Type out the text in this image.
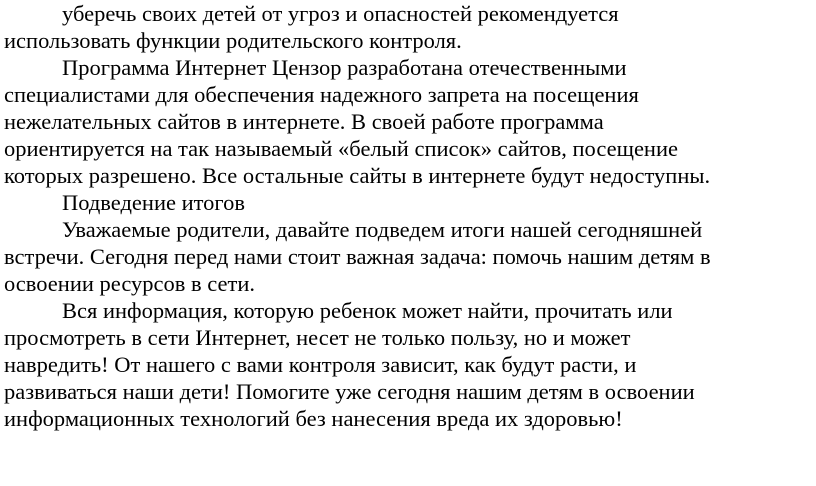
уберечь своих детей от угроз и опасностей рекомендуется
использовать функции родительского контроля.

Программа Интернет Цензор разработана отечественными
специалистами для обеспечения надежного запрета на посещения
нежелательных сайтов в интернете. В своей работе программа
ориентируется на так называемый «белый список» сайтов, посещение
которых разрешено. Все остальные сайты в интернете будут недоступны.

Подведение итогов

Уважаемые родители, давайте подведем итоги нашей сегодняшней
встречи. Сегодня перед нами стоит важная задача: помочь нашим детям в
освоении ресурсов в сети.

Вся информация, которую ребенок может найти, прочитать или
просмотреть в сети Интернет, несет не только пользу, но и может
навредить! От нашего с вами контроля зависит, как будут расти, и
развиваться наши дети! Помогите уже сегодня нашим детям в освоении
информационных технологий без нанесения вреда их здоровью!
